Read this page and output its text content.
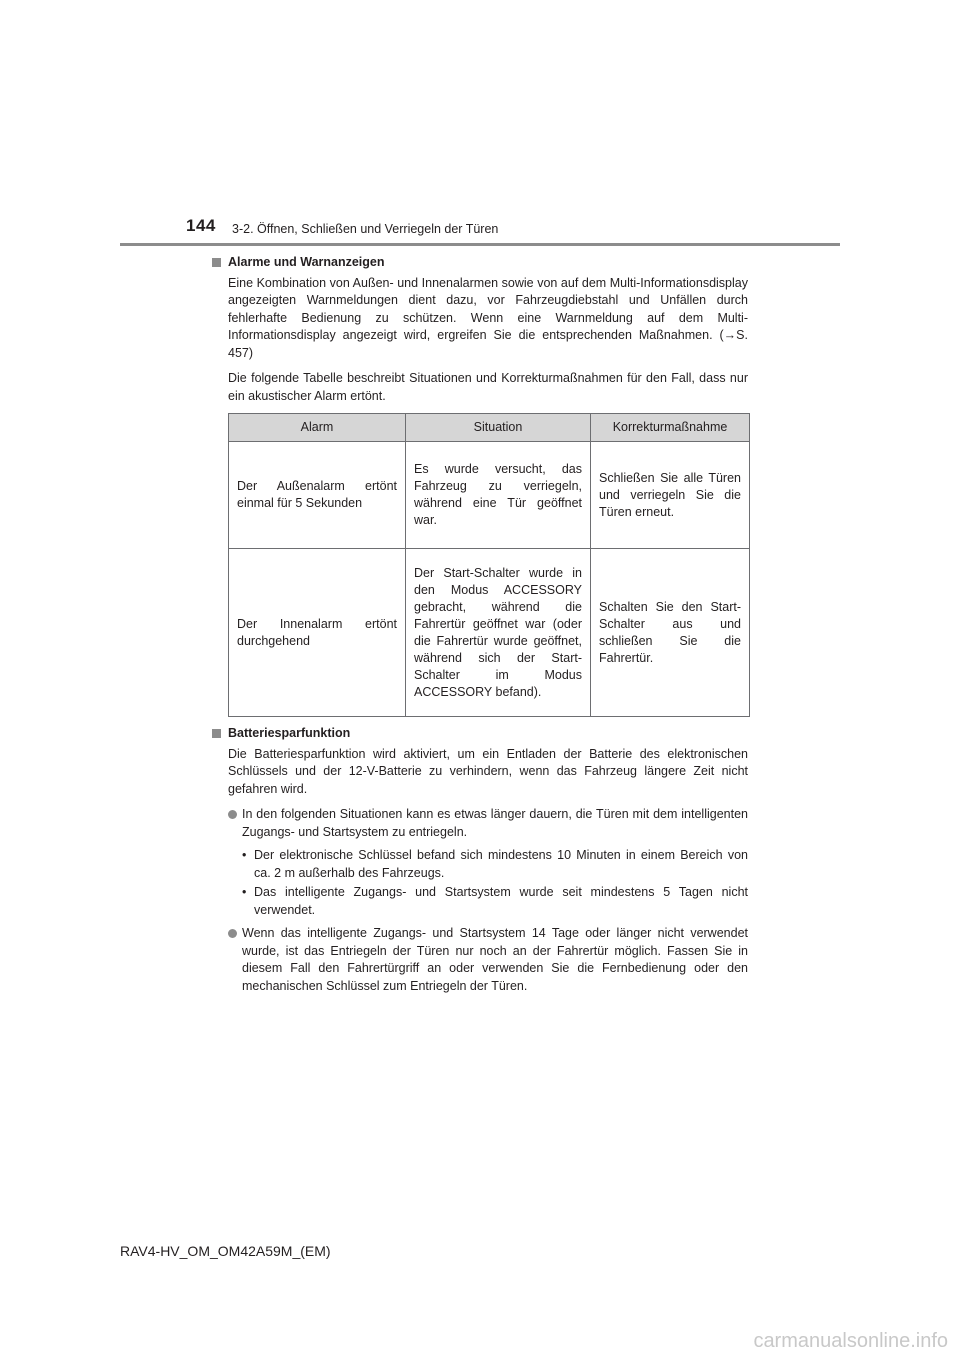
144 3-2. Öffnen, Schließen und Verriegeln der Türen
Alarme und Warnanzeigen

Eine Kombination von Außen- und Innenalarmen sowie von auf dem Multi-Informationsdisplay angezeigten Warnmeldungen dient dazu, vor Fahrzeugdiebstahl und Unfällen durch fehlerhafte Bedienung zu schützen. Wenn eine Warnmeldung auf dem Multi-Informationsdisplay angezeigt wird, ergreifen Sie die entsprechenden Maßnahmen. (→S. 457)

Die folgende Tabelle beschreibt Situationen und Korrekturmaßnahmen für den Fall, dass nur ein akustischer Alarm ertönt.

Alarm	Situation	Korrekturmaßnahme
Der Außenalarm ertönt einmal für 5 Sekunden	Es wurde versucht, das Fahrzeug zu verriegeln, während eine Tür geöffnet war.	Schließen Sie alle Türen und verriegeln Sie die Türen erneut.
Der Innenalarm ertönt durchgehend	Der Start-Schalter wurde in den Modus ACCESSORY gebracht, während die Fahrertür geöffnet war (oder die Fahrertür wurde geöffnet, während sich der Start-Schalter im Modus ACCESSORY befand).	Schalten Sie den Start-Schalter aus und schließen Sie die Fahrertür.
Batteriesparfunktion

Die Batteriesparfunktion wird aktiviert, um ein Entladen der Batterie des elektronischen Schlüssels und der 12-V-Batterie zu verhindern, wenn das Fahrzeug längere Zeit nicht gefahren wird.

In den folgenden Situationen kann es etwas länger dauern, die Türen mit dem intelligenten Zugangs- und Startsystem zu entriegeln.
• Der elektronische Schlüssel befand sich mindestens 10 Minuten in einem Bereich von ca. 2 m außerhalb des Fahrzeugs.
• Das intelligente Zugangs- und Startsystem wurde seit mindestens 5 Tagen nicht verwendet.
Wenn das intelligente Zugangs- und Startsystem 14 Tage oder länger nicht verwendet wurde, ist das Entriegeln der Türen nur noch an der Fahrertür möglich. Fassen Sie in diesem Fall den Fahrertürgriff an oder verwenden Sie die Fernbedienung oder den mechanischen Schlüssel zum Entriegeln der Türen.
RAV4-HV_OM_OM42A59M_(EM)
carmanualsonline.info
